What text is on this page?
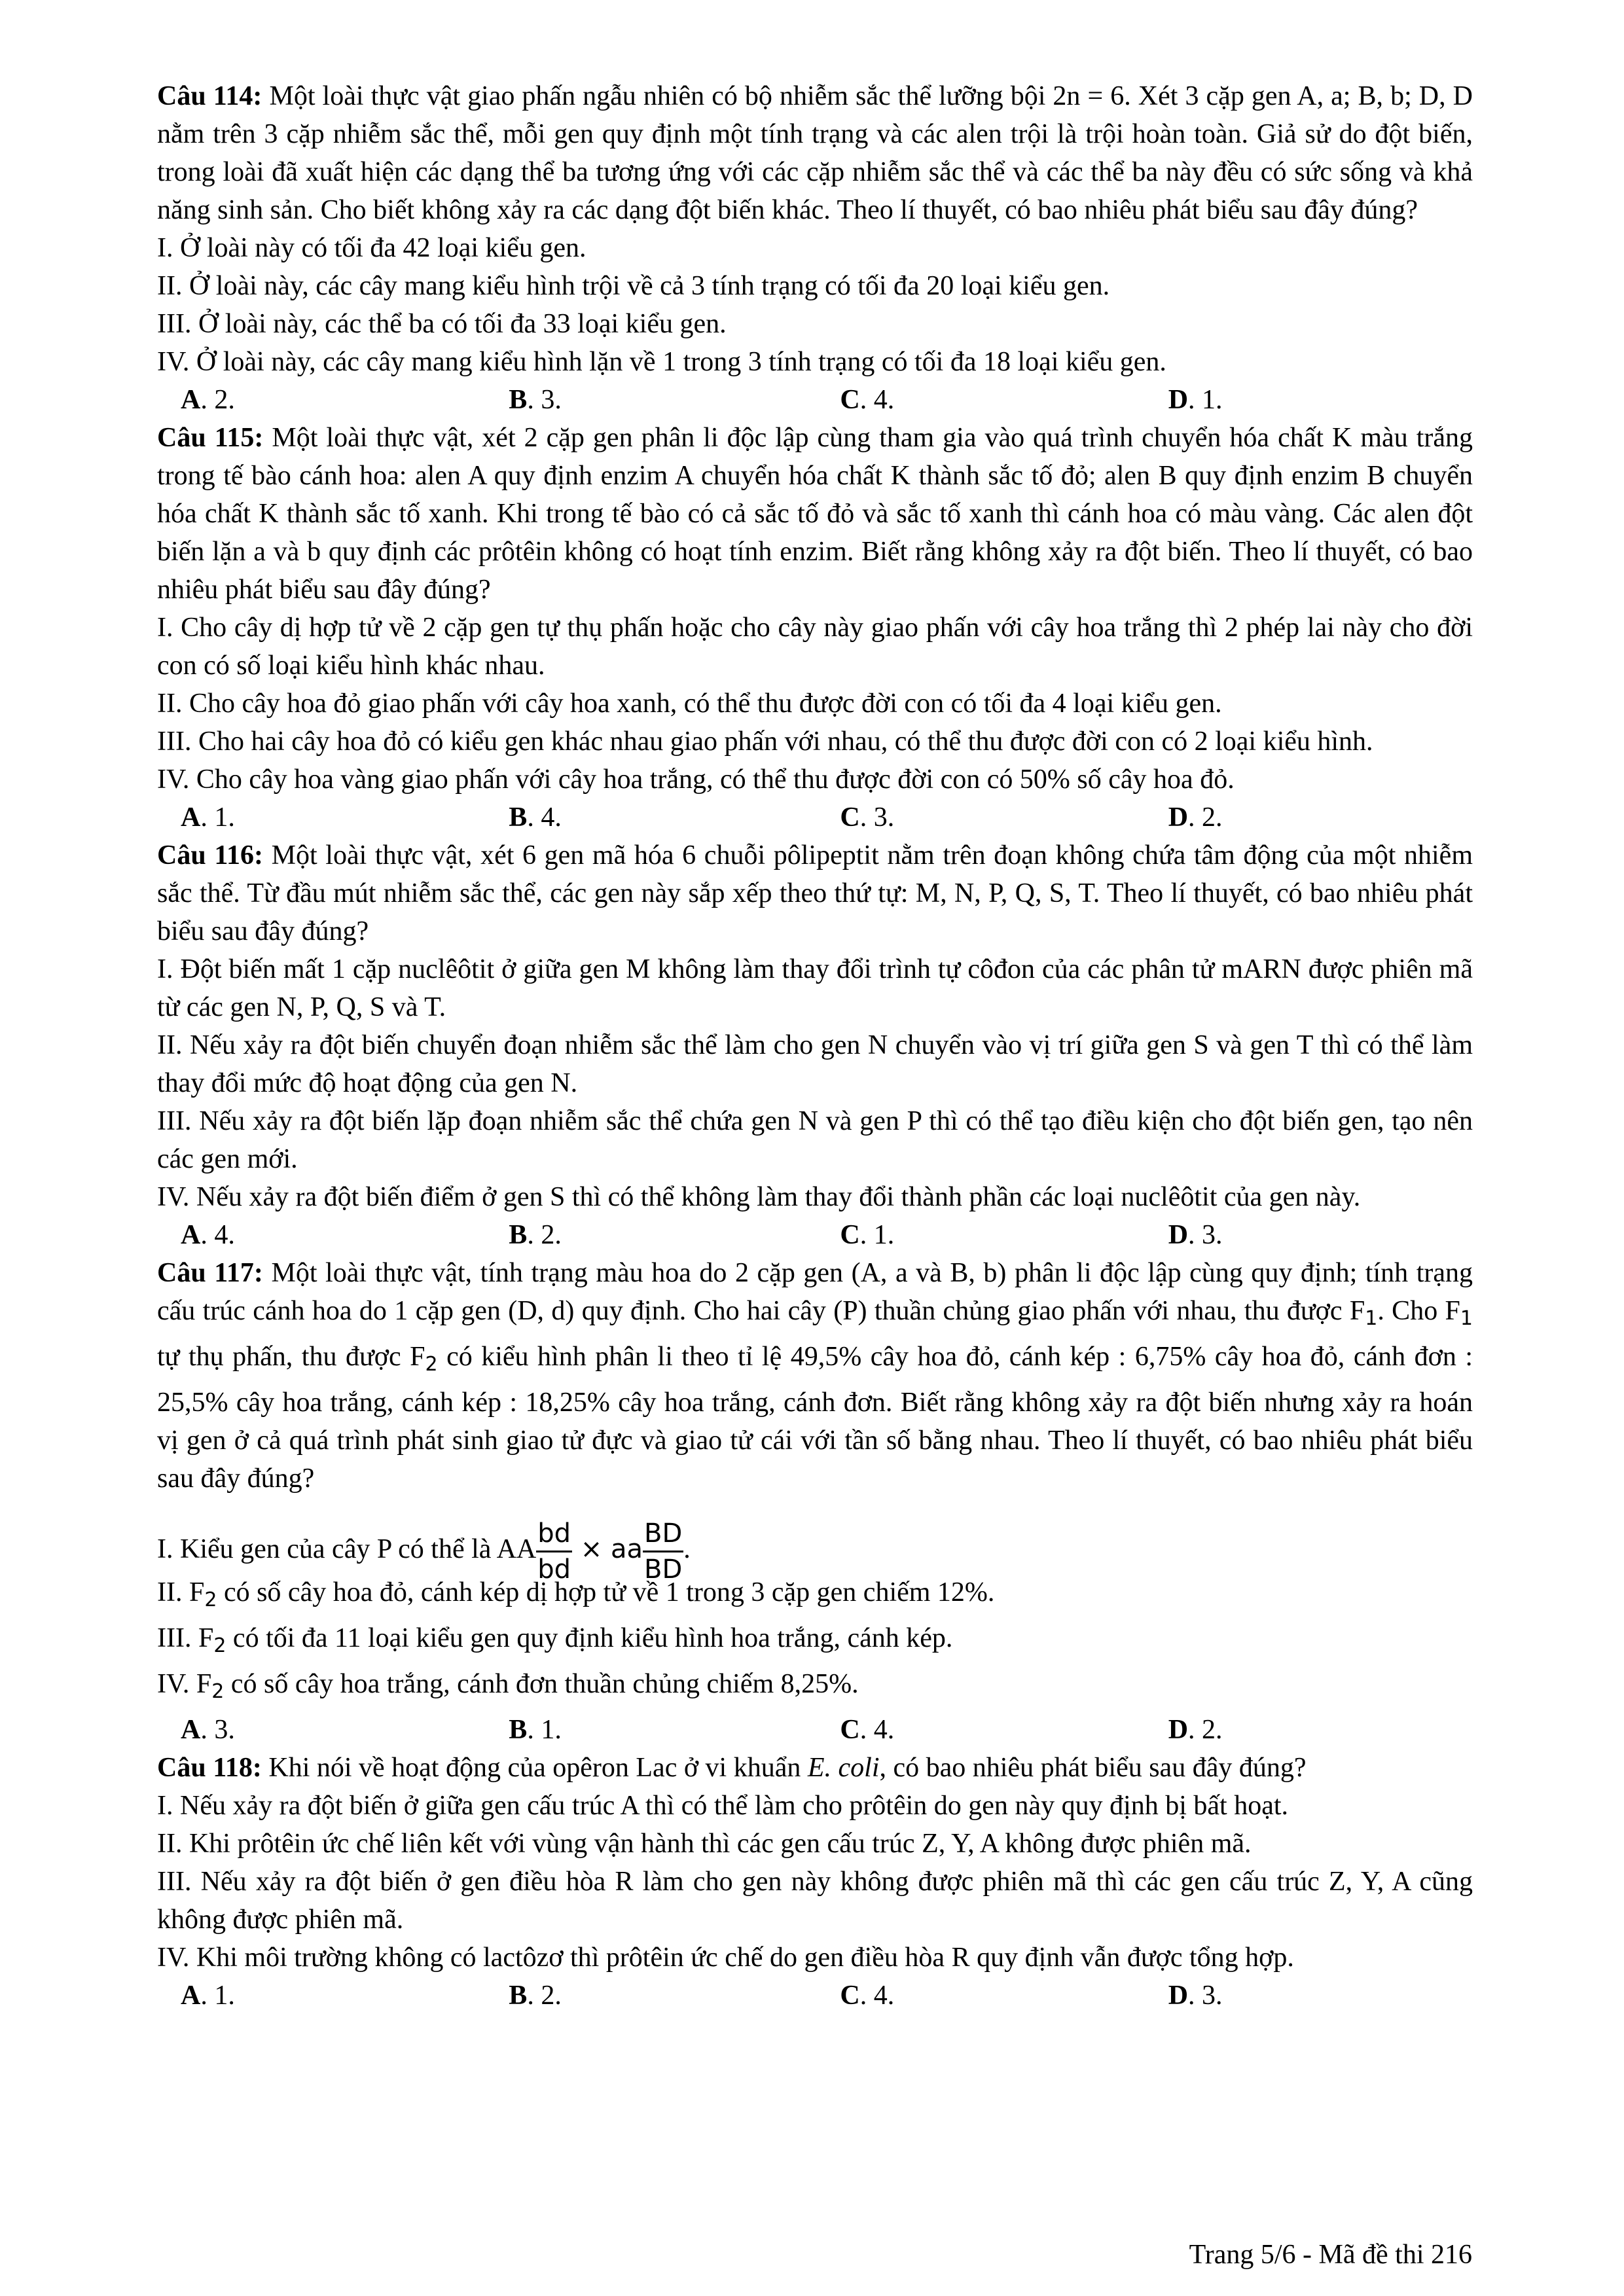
Câu 114: Một loài thực vật giao phấn ngẫu nhiên có bộ nhiễm sắc thể lưỡng bội 2n = 6. Xét 3 cặp gen A, a; B, b; D, D nằm trên 3 cặp nhiễm sắc thể, mỗi gen quy định một tính trạng và các alen trội là trội hoàn toàn. Giả sử do đột biến, trong loài đã xuất hiện các dạng thể ba tương ứng với các cặp nhiễm sắc thể và các thể ba này đều có sức sống và khả năng sinh sản. Cho biết không xảy ra các dạng đột biến khác. Theo lí thuyết, có bao nhiêu phát biểu sau đây đúng?

I. Ở loài này có tối đa 42 loại kiểu gen.

II. Ở loài này, các cây mang kiểu hình trội về cả 3 tính trạng có tối đa 20 loại kiểu gen.

III. Ở loài này, các thể ba có tối đa 33 loại kiểu gen.

IV. Ở loài này, các cây mang kiểu hình lặn về 1 trong 3 tính trạng có tối đa 18 loại kiểu gen.

A. 2.	B. 3.	C. 4.	D. 1.

Câu 115: Một loài thực vật, xét 2 cặp gen phân li độc lập cùng tham gia vào quá trình chuyển hóa chất K màu trắng trong tế bào cánh hoa: alen A quy định enzim A chuyển hóa chất K thành sắc tố đỏ; alen B quy định enzim B chuyển hóa chất K thành sắc tố xanh. Khi trong tế bào có cả sắc tố đỏ và sắc tố xanh thì cánh hoa có màu vàng. Các alen đột biến lặn a và b quy định các prôtêin không có hoạt tính enzim. Biết rằng không xảy ra đột biến. Theo lí thuyết, có bao nhiêu phát biểu sau đây đúng?

I. Cho cây dị hợp tử về 2 cặp gen tự thụ phấn hoặc cho cây này giao phấn với cây hoa trắng thì 2 phép lai này cho đời con có số loại kiểu hình khác nhau.

II. Cho cây hoa đỏ giao phấn với cây hoa xanh, có thể thu được đời con có tối đa 4 loại kiểu gen.

III. Cho hai cây hoa đỏ có kiểu gen khác nhau giao phấn với nhau, có thể thu được đời con có 2 loại kiểu hình.

IV. Cho cây hoa vàng giao phấn với cây hoa trắng, có thể thu được đời con có 50% số cây hoa đỏ.

A. 1.	B. 4.	C. 3.	D. 2.

Câu 116: Một loài thực vật, xét 6 gen mã hóa 6 chuỗi pôlipeptit nằm trên đoạn không chứa tâm động của một nhiễm sắc thể. Từ đầu mút nhiễm sắc thể, các gen này sắp xếp theo thứ tự: M, N, P, Q, S, T. Theo lí thuyết, có bao nhiêu phát biểu sau đây đúng?

I. Đột biến mất 1 cặp nuclêôtit ở giữa gen M không làm thay đổi trình tự côđon của các phân tử mARN được phiên mã từ các gen N, P, Q, S và T.

II. Nếu xảy ra đột biến chuyển đoạn nhiễm sắc thể làm cho gen N chuyển vào vị trí giữa gen S và gen T thì có thể làm thay đổi mức độ hoạt động của gen N.

III. Nếu xảy ra đột biến lặp đoạn nhiễm sắc thể chứa gen N và gen P thì có thể tạo điều kiện cho đột biến gen, tạo nên các gen mới.

IV. Nếu xảy ra đột biến điểm ở gen S thì có thể không làm thay đổi thành phần các loại nuclêôtit của gen này.

A. 4.	B. 2.	C. 1.	D. 3.

Câu 117: Một loài thực vật, tính trạng màu hoa do 2 cặp gen (A, a và B, b) phân li độc lập cùng quy định; tính trạng cấu trúc cánh hoa do 1 cặp gen (D, d) quy định. Cho hai cây (P) thuần chủng giao phấn với nhau, thu được $F_1$. Cho $F_1$ tự thụ phấn, thu được $F_2$ có kiểu hình phân li theo tỉ lệ 49,5% cây hoa đỏ, cánh kép : 6,75% cây hoa đỏ, cánh đơn : 25,5% cây hoa trắng, cánh kép : 18,25% cây hoa trắng, cánh đơn. Biết rằng không xảy ra đột biến nhưng xảy ra hoán vị gen ở cả quá trình phát sinh giao tử đực và giao tử cái với tần số bằng nhau. Theo lí thuyết, có bao nhiêu phát biểu sau đây đúng?

I. Kiểu gen của cây P có thể là AA $\frac{bd}{bd}$ × aa $\frac{BD}{BD}$ .

II. $F_2$ có số cây hoa đỏ, cánh kép dị hợp tử về 1 trong 3 cặp gen chiếm 12%.

III. $F_2$ có tối đa 11 loại kiểu gen quy định kiểu hình hoa trắng, cánh kép.

IV. $F_2$ có số cây hoa trắng, cánh đơn thuần chủng chiếm 8,25%.

A. 3.	B. 1.	C. 4.	D. 2.

Câu 118: Khi nói về hoạt động của opêron Lac ở vi khuẩn E. coli, có bao nhiêu phát biểu sau đây đúng?

I. Nếu xảy ra đột biến ở giữa gen cấu trúc A thì có thể làm cho prôtêin do gen này quy định bị bất hoạt.

II. Khi prôtêin ức chế liên kết với vùng vận hành thì các gen cấu trúc Z, Y, A không được phiên mã.

III. Nếu xảy ra đột biến ở gen điều hòa R làm cho gen này không được phiên mã thì các gen cấu trúc Z, Y, A cũng không được phiên mã.

IV. Khi môi trường không có lactôzơ thì prôtêin ức chế do gen điều hòa R quy định vẫn được tổng hợp.

A. 1.	B. 2.	C. 4.	D. 3.
Trang 5/6 - Mã đề thi 216
